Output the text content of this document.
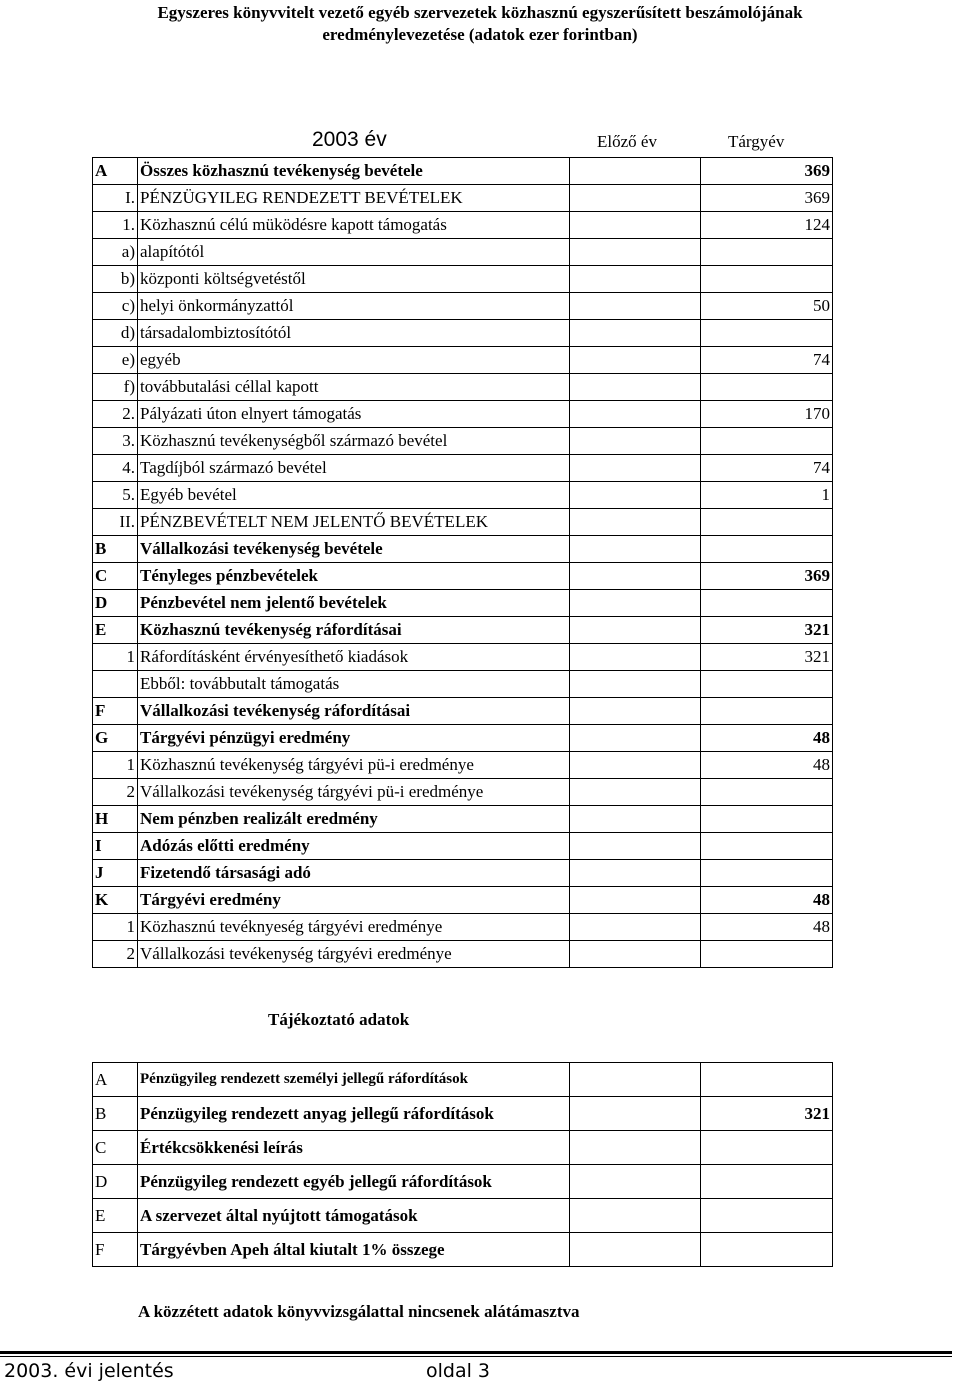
Egyszeres könyvvitelt vezető egyéb szervezetek közhasznú egyszerűsített beszámolójának
eredménylevezetése (adatok ezer forintban)
2003 év	Előző év	Tárgyév
A	Összes közhasznú tevékenység bevétele		369
I.	PÉNZÜGYILEG RENDEZETT BEVÉTELEK		369
1.	Közhasznú célú müködésre kapott támogatás		124
a)	alapítótól		
b)	központi költségvetéstől		
c)	helyi önkormányzattól		50
d)	társadalombiztosítótól		
e)	egyéb		74
f)	továbbutalási céllal kapott		
2.	Pályázati úton elnyert támogatás		170
3.	Közhasznú tevékenységből származó bevétel		
4.	Tagdíjból származó bevétel		74
5.	Egyéb bevétel		1
II.	PÉNZBEVÉTELT NEM JELENTŐ BEVÉTELEK		
B	Vállalkozási tevékenység bevétele		
C	Tényleges pénzbevételek		369
D	Pénzbevétel nem jelentő bevételek		
E	Közhasznú tevékenység ráfordításai		321
1	Ráfordításként érvényesíthető kiadások		321
	Ebből: továbbutalt támogatás		
F	Vállalkozási tevékenység ráfordításai		
G	Tárgyévi pénzügyi eredmény		48
1	Közhasznú tevékenység tárgyévi pü-i eredménye		48
2	Vállalkozási tevékenység tárgyévi pü-i eredménye		
H	Nem pénzben realizált eredmény		
I	Adózás előtti eredmény		
J	Fizetendő társasági adó		
K	Tárgyévi eredmény		48
1	Közhasznú tevéknyeség tárgyévi eredménye		48
2	Vállalkozási tevékenység tárgyévi eredménye		
Tájékoztató adatok
A	Pénzügyileg rendezett személyi jellegű ráfordítások		
B	Pénzügyileg rendezett anyag jellegű ráfordítások		321
C	Értékcsökkenési leírás		
D	Pénzügyileg rendezett egyéb jellegű ráfordítások		
E	A szervezet által nyújtott támogatások		
F	Tárgyévben Apeh által kiutalt 1% összege		
A közzétett adatok könyvvizsgálattal nincsenek alátámasztva
2003. évi jelentés	oldal 3
